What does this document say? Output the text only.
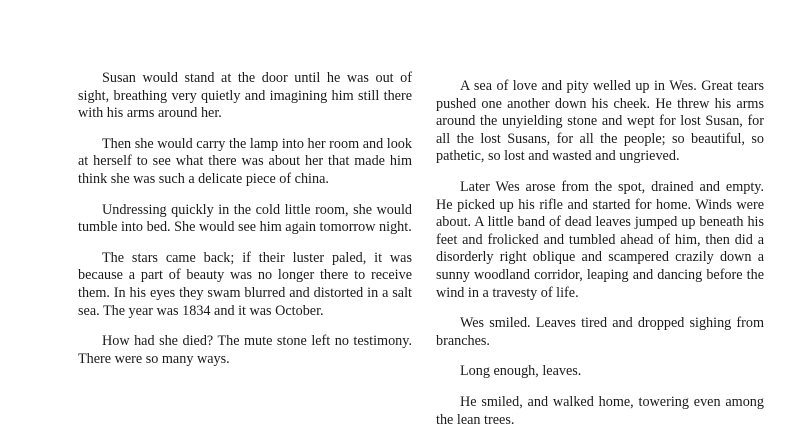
Susan would stand at the door until he was out of sight, breathing very quietly and imagining him still there with his arms around her.

Then she would carry the lamp into her room and look at herself to see what there was about her that made him think she was such a delicate piece of china.

Undressing quickly in the cold little room, she would tumble into bed. She would see him again tomorrow night.

The stars came back; if their luster paled, it was because a part of beauty was no longer there to receive them. In his eyes they swam blurred and distorted in a salt sea. The year was 1834 and it was October.

How had she died? The mute stone left no testimony. There were so many ways.

A sea of love and pity welled up in Wes. Great tears pushed one another down his cheek. He threw his arms around the unyielding stone and wept for lost Susan, for all the lost Susans, for all the people; so beautiful, so pathetic, so lost and wasted and ungrieved.

Later Wes arose from the spot, drained and empty. He picked up his rifle and started for home. Winds were about. A little band of dead leaves jumped up beneath his feet and frolicked and tumbled ahead of him, then did a disorderly right oblique and scampered crazily down a sunny woodland corridor, leaping and dancing before the wind in a travesty of life.

Wes smiled. Leaves tired and dropped sighing from branches.

Long enough, leaves.

He smiled, and walked home, towering even among the lean trees.
